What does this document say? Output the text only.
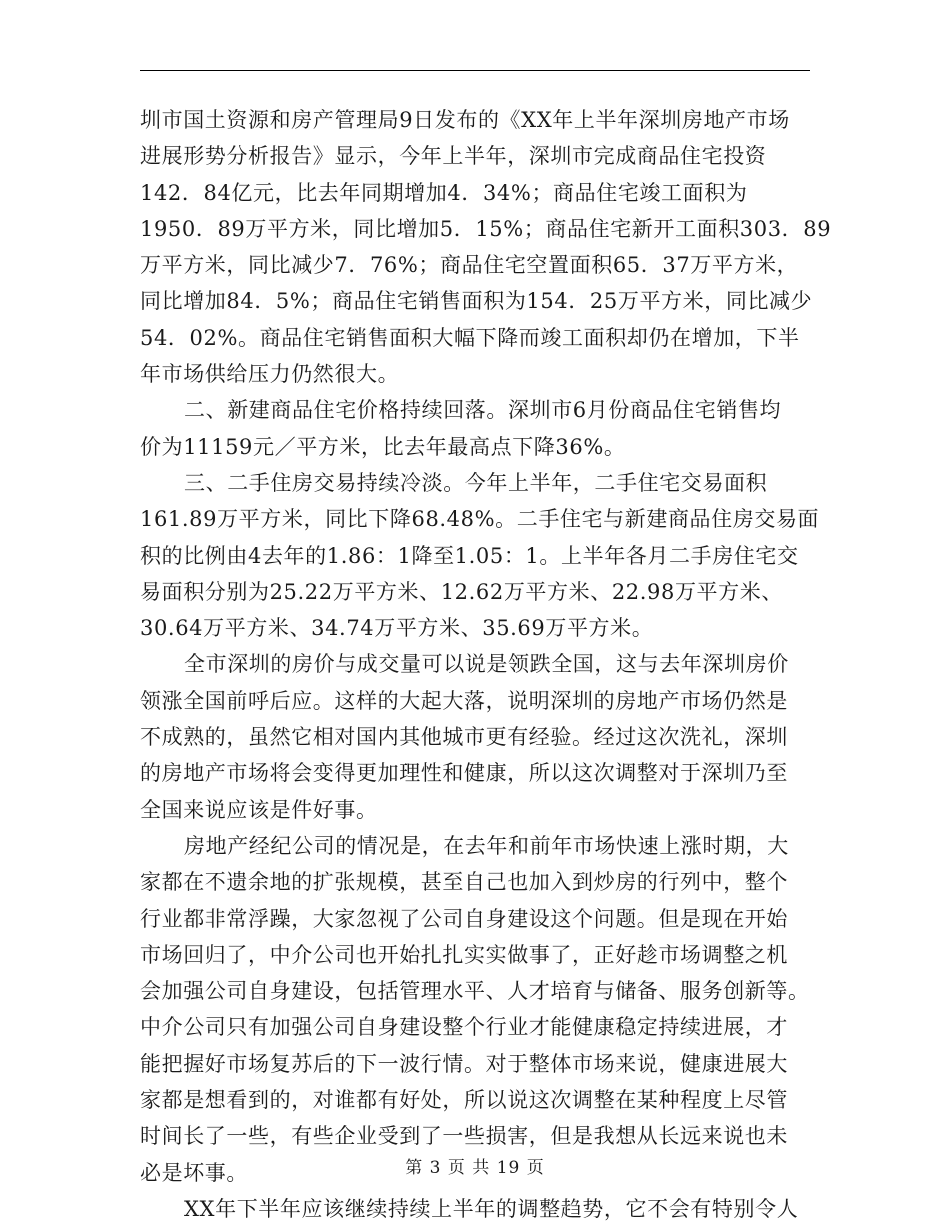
圳市国土资源和房产管理局9日发布的《XX年上半年深圳房地产市场
进展形势分析报告》显示，今年上半年，深圳市完成商品住宅投资
142．84亿元，比去年同期增加4．34%；商品住宅竣工面积为
1950．89万平方米，同比增加5．15%；商品住宅新开工面积303．89
万平方米，同比减少7．76%；商品住宅空置面积65．37万平方米，
同比增加84．5%；商品住宅销售面积为154．25万平方米，同比减少
54．02%。商品住宅销售面积大幅下降而竣工面积却仍在增加，下半
年市场供给压力仍然很大。
二、新建商品住宅价格持续回落。深圳市6月份商品住宅销售均
价为11159元／平方米，比去年最高点下降36%。
三、二手住房交易持续冷淡。今年上半年，二手住宅交易面积
161.89万平方米，同比下降68.48%。二手住宅与新建商品住房交易面
积的比例由4去年的1.86：1降至1.05：1。上半年各月二手房住宅交
易面积分别为25.22万平方米、12.62万平方米、22.98万平方米、
30.64万平方米、34.74万平方米、35.69万平方米。
全市深圳的房价与成交量可以说是领跌全国，这与去年深圳房价
领涨全国前呼后应。这样的大起大落，说明深圳的房地产市场仍然是
不成熟的，虽然它相对国内其他城市更有经验。经过这次洗礼，深圳
的房地产市场将会变得更加理性和健康，所以这次调整对于深圳乃至
全国来说应该是件好事。
房地产经纪公司的情况是，在去年和前年市场快速上涨时期，大
家都在不遗余地的扩张规模，甚至自己也加入到炒房的行列中，整个
行业都非常浮躁，大家忽视了公司自身建设这个问题。但是现在开始
市场回归了，中介公司也开始扎扎实实做事了，正好趁市场调整之机
会加强公司自身建设，包括管理水平、人才培育与储备、服务创新等。
中介公司只有加强公司自身建设整个行业才能健康稳定持续进展，才
能把握好市场复苏后的下一波行情。对于整体市场来说，健康进展大
家都是想看到的，对谁都有好处，所以说这次调整在某种程度上尽管
时间长了一些，有些企业受到了一些损害，但是我想从长远来说也未
必是坏事。
XX年下半年应该继续持续上半年的调整趋势，它不会有特别令人
第 3 页 共 19 页
